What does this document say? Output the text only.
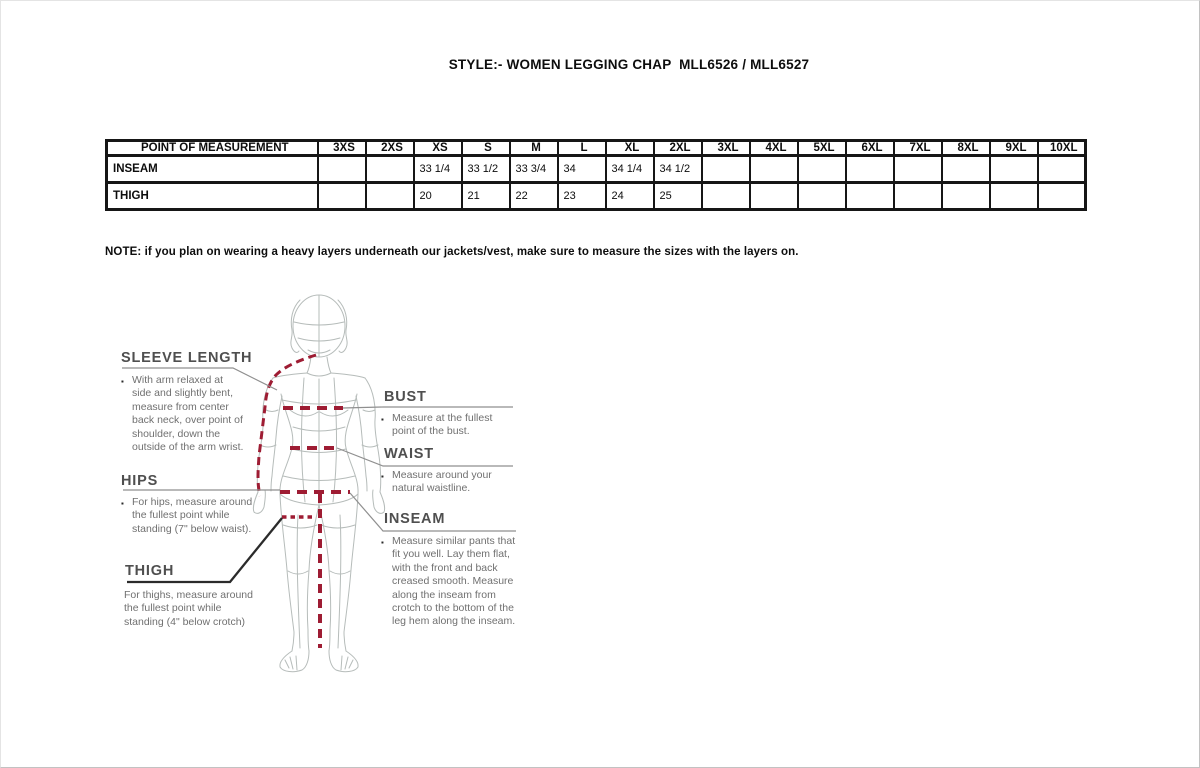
STYLE:- WOMEN LEGGING CHAP  MLL6526 / MLL6527
POINT OF MEASUREMENT	3XS	2XS	XS	S	M	L	XL	2XL	3XL	4XL	5XL	6XL	7XL	8XL	9XL	10XL
INSEAM			33 1/4	33 1/2	33 3/4	34	34 1/4	34 1/2								
THIGH			20	21	22	23	24	25								
NOTE: if you plan on wearing a heavy layers underneath our jackets/vest, make sure to measure the sizes with the layers on.
SLEEVE LENGTH
▪ With arm relaxed at side and slightly bent, measure from center back neck, over point of shoulder, down the outside of the arm wrist.
HIPS
▪ For hips, measure around the fullest point while standing (7" below waist).
THIGH
For thighs, measure around the fullest point while standing (4" below crotch)
BUST
▪ Measure at the fullest point of the bust.
WAIST
▪ Measure around your natural waistline.
INSEAM
▪ Measure similar pants that fit you well. Lay them flat, with the front and back creased smooth. Measure along the inseam from crotch to the bottom of the leg hem along the inseam.
